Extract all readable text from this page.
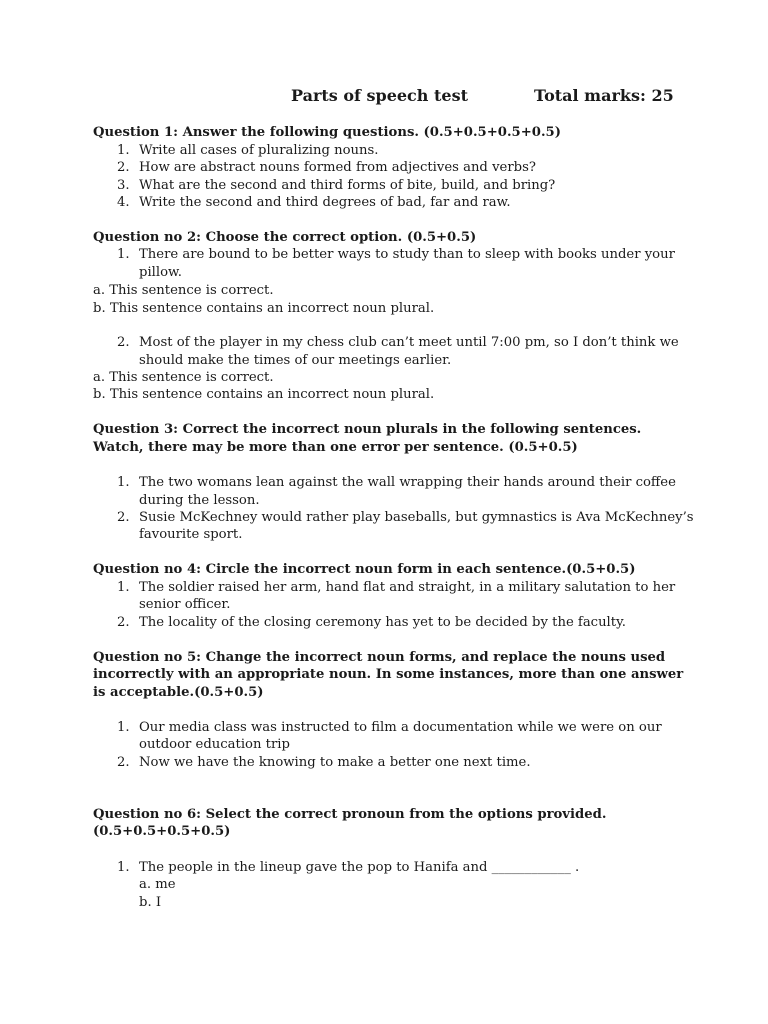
Parts of speech test	Total marks: 25
Question 1: Answer the following questions. (0.5+0.5+0.5+0.5)
1. Write all cases of pluralizing nouns.
2. How are abstract nouns formed from adjectives and verbs?
3. What are the second and third forms of bite, build, and bring?
4. Write the second and third degrees of bad, far and raw.
Question no 2: Choose the correct option. (0.5+0.5)
1. There are bound to be better ways to study than to sleep with books under your
pillow.
a. This sentence is correct.
b. This sentence contains an incorrect noun plural.
2. Most of the player in my chess club can’t meet until 7:00 pm, so I don’t think we
should make the times of our meetings earlier.
a. This sentence is correct.
b. This sentence contains an incorrect noun plural.
Question 3: Correct the incorrect noun plurals in the following sentences.
Watch, there may be more than one error per sentence. (0.5+0.5)
1. The two womans lean against the wall wrapping their hands around their coffee
during the lesson.
2. Susie McKechney would rather play baseballs, but gymnastics is Ava McKechney’s
favourite sport.
Question no 4: Circle the incorrect noun form in each sentence.(0.5+0.5)
1. The soldier raised her arm, hand flat and straight, in a military salutation to her
senior officer.
2. The locality of the closing ceremony has yet to be decided by the faculty.
Question no 5: Change the incorrect noun forms, and replace the nouns used
incorrectly with an appropriate noun. In some instances, more than one answer
is acceptable.(0.5+0.5)
1. Our media class was instructed to film a documentation while we were on our
outdoor education trip
2. Now we have the knowing to make a better one next time.
Question no 6: Select the correct pronoun from the options provided.
(0.5+0.5+0.5+0.5)
1. The people in the lineup gave the pop to Hanifa and ____________ .
a. me
b. I
